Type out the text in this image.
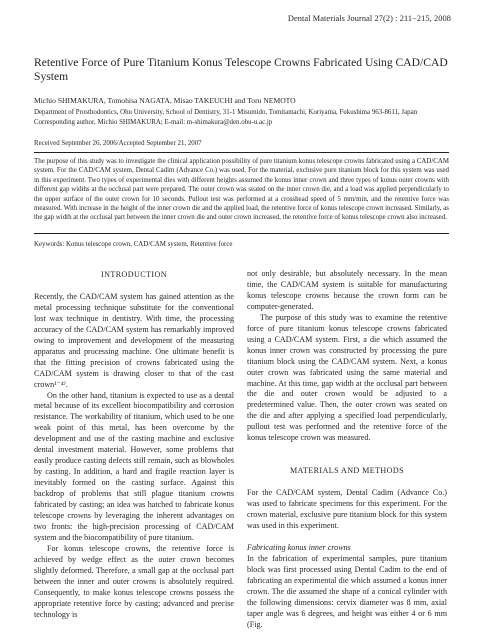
Dental Materials Journal 27(2) : 211−215, 2008
Retentive Force of Pure Titanium Konus Telescope Crowns Fabricated Using CAD/CAD System
Michio SHIMAKURA, Tomohisa NAGATA, Misao TAKEUCHI and Toru NEMOTO
Department of Prosthodontics, Ohu University, School of Dentistry, 31-1 Misumido, Tomitamachi, Koriyama, Fukushima 963-8611, Japan
Corresponding author, Michio SHIMAKURA; E-mail: m-shimakura@den.ohu-u.ac.jp
Received September 26, 2006/Accepted September 21, 2007

The purpose of this study was to investigate the clinical application possibility of pure titanium konus telescope crowns fabricated using a CAD/CAM system. For the CAD/CAM system, Dental Cadim (Advance Co.) was used. For the material, exclusive pure titanium block for this system was used in this experiment. Two types of experimental dies with different heights assumed the konus inner crown and three types of konus outer crowns with different gap widths at the occlusal part were prepared. The outer crown was seated on the inner crown die, and a load was applied perpendicularly to the upper surface of the outer crown for 10 seconds. Pullout test was performed at a crosshead speed of 5 mm/min, and the retentive force was measured. With increase in the height of the inner crown die and the applied load, the retentive force of konus telescope crown increased. Similarly, as the gap width at the occlusal part between the inner crown die and outer crown increased, the retentive force of konus telescope crown also increased.

Keywords: Konus telescope crown, CAD/CAM system, Retentive force
INTRODUCTION

Recently, the CAD/CAM system has gained attention as the metal processing technique substitute for the conventional lost wax technique in dentistry. With time, the processing accuracy of the CAD/CAM system has remarkably improved owing to improvement and development of the measuring apparatus and processing machine. One ultimate benefit is that the fitting precision of crowns fabricated using the CAD/CAM system is drawing closer to that of the cast crown¹⁻⁴⁾.

On the other hand, titanium is expected to use as a dental metal because of its excellent biocompatibility and corrosion resistance. The workability of titanium, which used to be one weak point of this metal, has been overcome by the development and use of the casting machine and exclusive dental investment material. However, some problems that easily produce casting defects still remain, such as blowholes by casting. In addition, a hard and fragile reaction layer is inevitably formed on the casting surface. Against this backdrop of problems that still plague titanium crowns fabricated by casting; an idea was hatched to fabricate konus telescope crowns by leveraging the inherent advantages on two fronts: the high-precision processing of CAD/CAM system and the biocompatibility of pure titanium.

For konus telescope crowns, the retentive force is achieved by wedge effect as the outer crown becomes slightly deformed. Therefore, a small gap at the occlusal part between the inner and outer crowns is absolutely required. Consequently, to make konus telescope crowns possess the appropriate retentive force by casting; advanced and precise technology is

not only desirable, but absolutely necessary. In the mean time, the CAD/CAM system is suitable for manufacturing konus telescope crowns because the crown form can be computer-generated.

The purpose of this study was to examine the retentive force of pure titanium konus telescope crowns fabricated using a CAD/CAM system. First, a die which assumed the konus inner crown was constructed by processing the pure titanium block using the CAD/CAM system. Next, a konus outer crown was fabricated using the same material and machine. At this time, gap width at the occlusal part between the die and outer crown would be adjusted to a predetermined value. Then, the outer crown was seated on the die and after applying a specified load perpendicularly, pullout test was performed and the retentive force of the konus telescope crown was measured.

MATERIALS AND METHODS

For the CAD/CAM system, Dental Cadim (Advance Co.) was used to fabricate specimens for this experiment. For the crown material, exclusive pure titanium block for this system was used in this experiment.

Fabricating konus inner crowns

In the fabrication of experimental samples, pure titanium block was first processed using Dental Cadim to the end of fabricating an experimental die which assumed a konus inner crown. The die assumed the shape of a conical cylinder with the following dimensions: cervix diameter was 8 mm, axial taper angle was 6 degrees, and height was either 4 or 6 mm (Fig.
